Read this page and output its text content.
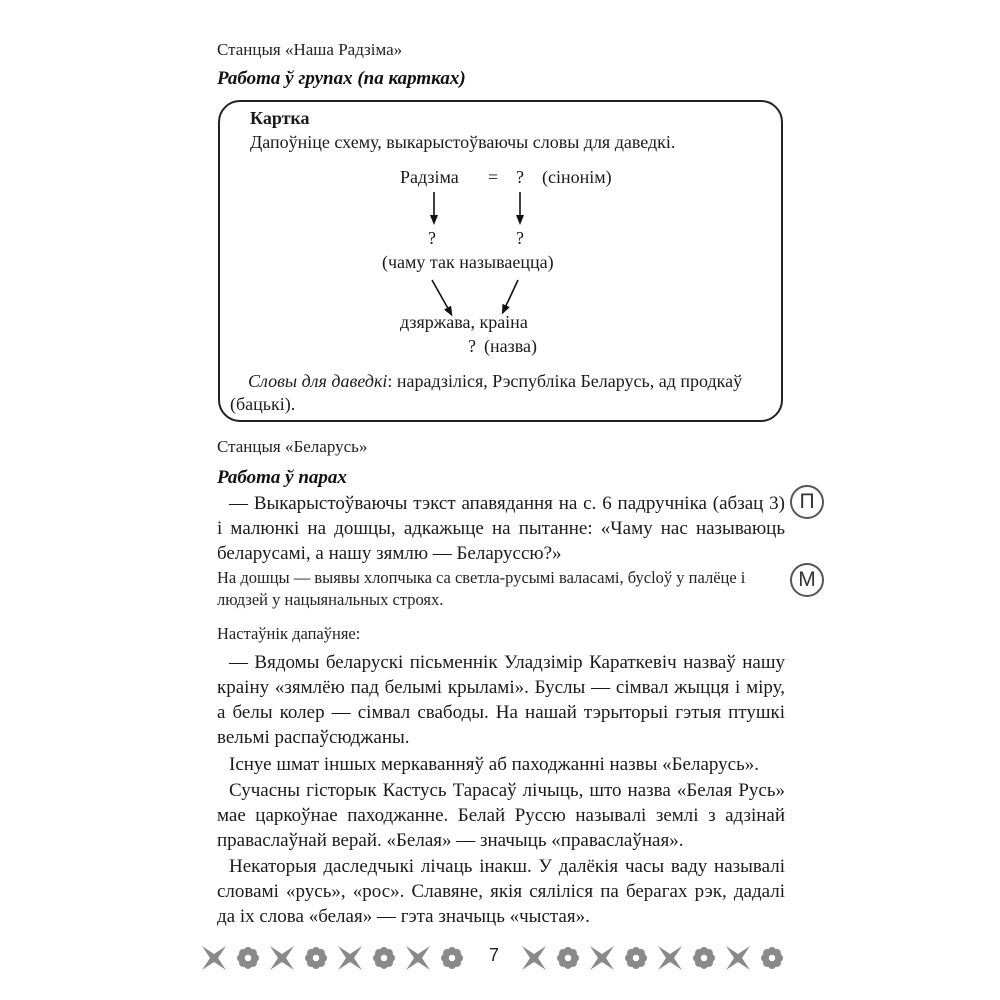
Станцыя «Наша Радзіма»
Работа ў групах (па картках)
Картка
Дапоўніце схему, выкарыстоўваючы словы для даведкі.
Радзіма = ? (сінонім)
?	?
(чаму так называецца)
дзяржава, краіна
? (назва)
Словы для даведкі: нарадзіліся, Рэспубліка Беларусь, ад продкаў (бацькі).
Станцыя «Беларусь»
Работа ў парах
— Выкарыстоўваючы тэкст апавядання на с. 6 падручніка (абзац 3) і малюнкі на дошцы, адкажыце на пытанне: «Чаму нас называюць беларусамі, а нашу зямлю — Беларуссю?»
П
На дошцы — выявы хлопчыка са светла-русымі валасамі, бусloў у палёце і людзей у нацыянальных строях.
М
Настаўнік дапаўняе:
— Вядомы беларускі пісьменнік Уладзімір Караткевіч назваў нашу краіну «зямлёю пад белымі крыламі». Буслы — сімвал жыцця і міру, а белы колер — сімвал свабоды. На нашай тэрыторыі гэтыя птушкі вельмі распаўсюджаны.
Існуе шмат іншых меркаванняў аб паходжанні назвы «Беларусь».
Сучасны гісторык Кастусь Тарасаў лічыць, што назва «Белая Русь» мае царкоўнае паходжанне. Белай Руссю называлі землі з адзінай праваслаўнай верай. «Белая» — значыць «праваслаўная».
Некаторыя даследчыкі лічаць інакш. У далёкія часы ваду называлі словамі «русь», «рос». Славяне, якія сяліліся па берагах рэк, дадалі да іх слова «белая» — гэта значыць «чыстая».
7
